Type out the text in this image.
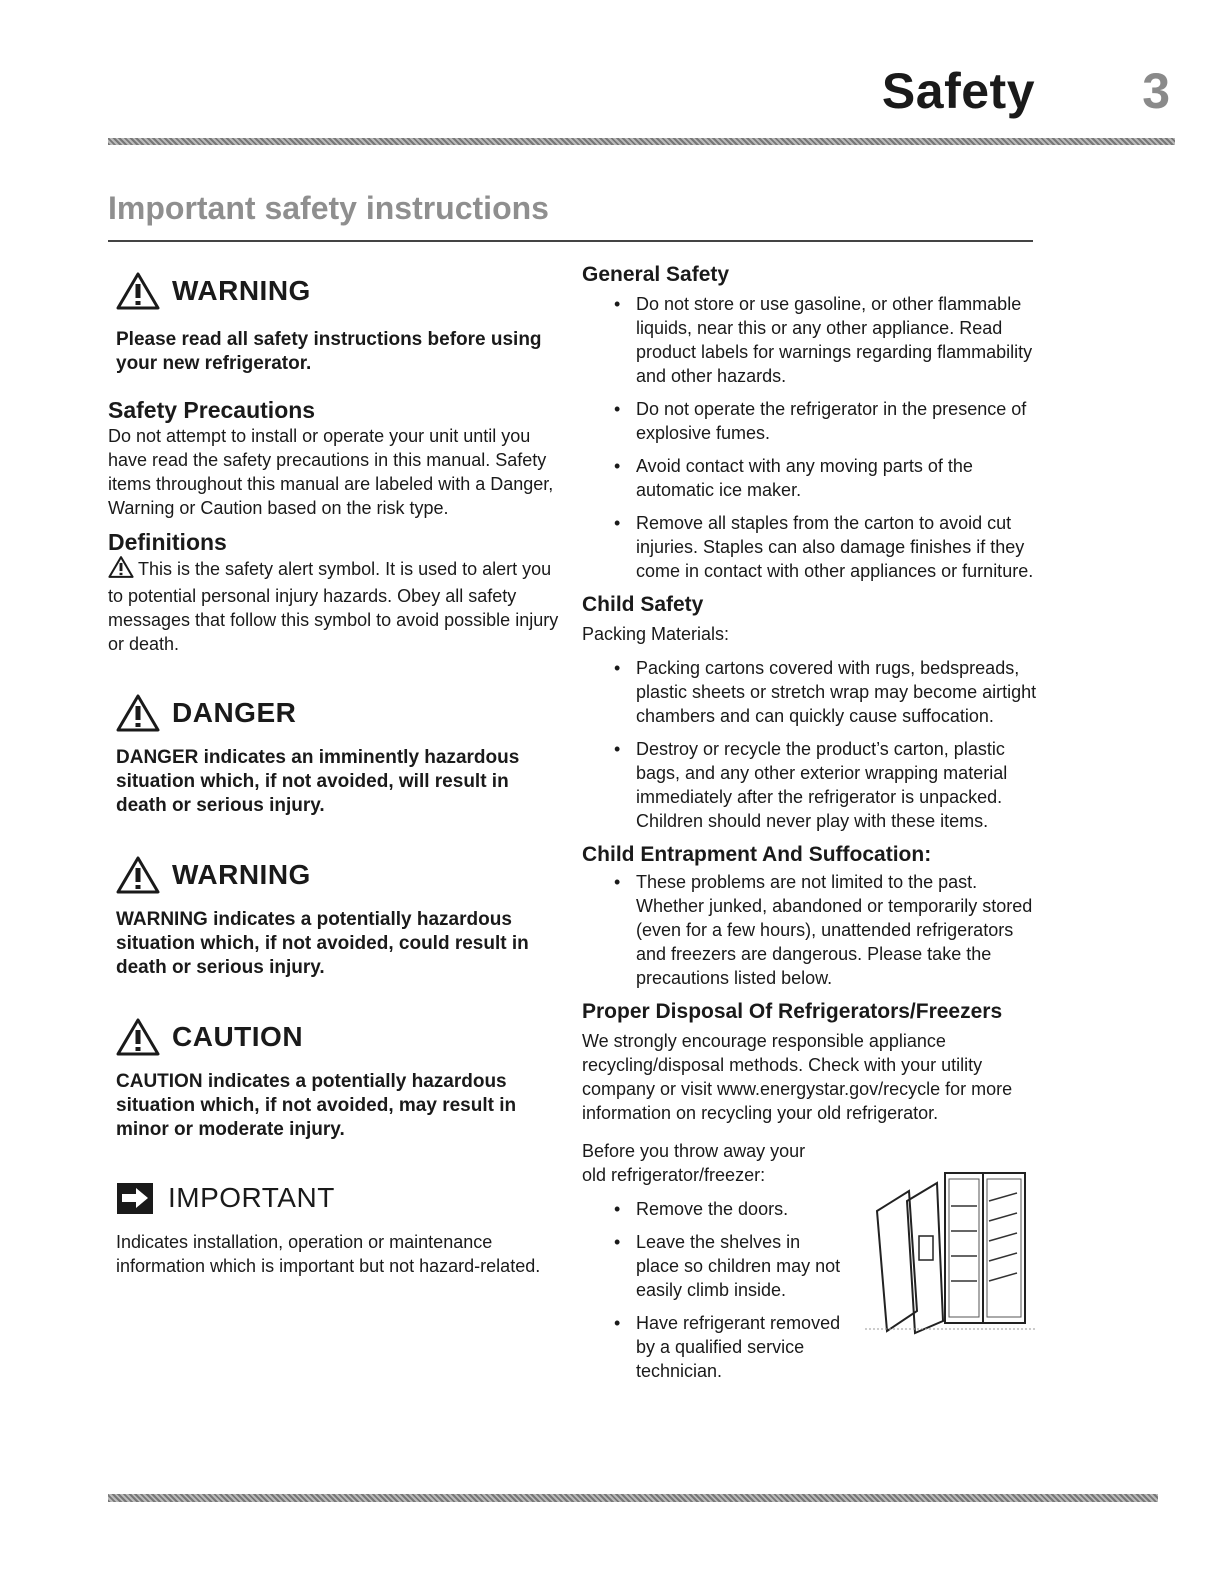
Safety 3
Important safety instructions
WARNING
Please read all safety instructions before using your new refrigerator.
Safety Precautions
Do not attempt to install or operate your unit until you have read the safety precautions in this manual. Safety items throughout this manual are labeled with a Danger, Warning or Caution based on the risk type.
Definitions
This is the safety alert symbol. It is used to alert you to potential personal injury hazards. Obey all safety messages that follow this symbol to avoid possible injury or death.
DANGER
DANGER indicates an imminently hazardous situation which, if not avoided, will result in death or serious injury.
WARNING
WARNING indicates a potentially hazardous situation which, if not avoided, could result in death or serious injury.
CAUTION
CAUTION indicates a potentially hazardous situation which, if not avoided, may result in minor or moderate injury.
IMPORTANT
Indicates installation, operation or maintenance information which is important but not hazard-related.
General Safety
• Do not store or use gasoline, or other flammable liquids, near this or any other appliance. Read product labels for warnings regarding flammability and other hazards.
• Do not operate the refrigerator in the presence of explosive fumes.
• Avoid contact with any moving parts of the automatic ice maker.
• Remove all staples from the carton to avoid cut injuries. Staples can also damage finishes if they come in contact with other appliances or furniture.
Child Safety
Packing Materials:
• Packing cartons covered with rugs, bedspreads, plastic sheets or stretch wrap may become airtight chambers and can quickly cause suffocation.
• Destroy or recycle the product’s carton, plastic bags, and any other exterior wrapping material immediately after the refrigerator is unpacked. Children should never play with these items.
Child Entrapment And Suffocation:
• These problems are not limited to the past. Whether junked, abandoned or temporarily stored (even for a few hours), unattended refrigerators and freezers are dangerous. Please take the precautions listed below.
Proper Disposal Of Refrigerators/Freezers
We strongly encourage responsible appliance recycling/disposal methods. Check with your utility company or visit www.energystar.gov/recycle for more information on recycling your old refrigerator.
Before you throw away your old refrigerator/freezer:
• Remove the doors.
• Leave the shelves in place so children may not easily climb inside.
• Have refrigerant removed by a qualified service technician.
